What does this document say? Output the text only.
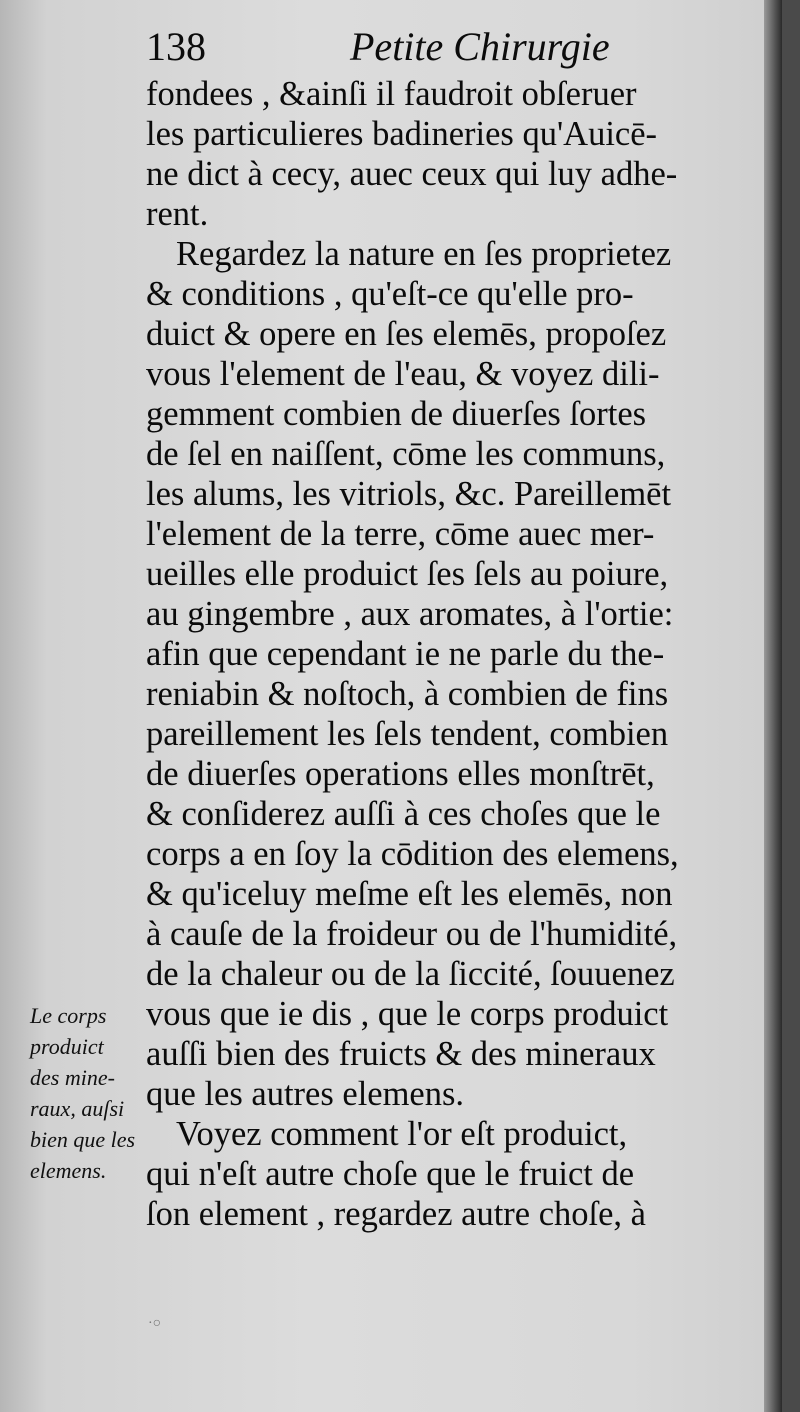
138	Petite Chirurgie
fondees , &ainſi il faudroit obſeruer
les particulieres badineries qu'Auicē-
ne dict à cecy, auec ceux qui luy adhe-
rent.
Regardez la nature en ſes proprietez
& conditions , qu'eſt-ce qu'elle pro-
duict & opere en ſes elemēs, propoſez
vous l'element de l'eau, & voyez dili-
gemment combien de diuerſes ſortes
de ſel en naiſſent, cōme les communs,
les alums, les vitriols, &c. Pareillemēt
l'element de la terre, cōme auec mer-
ueilles elle produict ſes ſels au poiure,
au gingembre , aux aromates, à l'ortie:
afin que cependant ie ne parle du the-
reniabin & noſtoch, à combien de fins
pareillement les ſels tendent, combien
de diuerſes operations elles monſtrēt,
& conſiderez auſſi à ces choſes que le
corps a en ſoy la cōdition des elemens,
& qu'iceluy meſme eſt les elemēs, non
à cauſe de la froideur ou de l'humidité,
de la chaleur ou de la ſiccité, ſouuenez
vous que ie dis , que le corps produict
auſſi bien des fruicts & des mineraux
que les autres elemens.
Voyez comment l'or eſt produict,
qui n'eſt autre choſe que le fruict de
ſon element , regardez autre choſe, à
Le corps
produict
des mine-
raux, auſsi
bien que les
elemens.
·○
